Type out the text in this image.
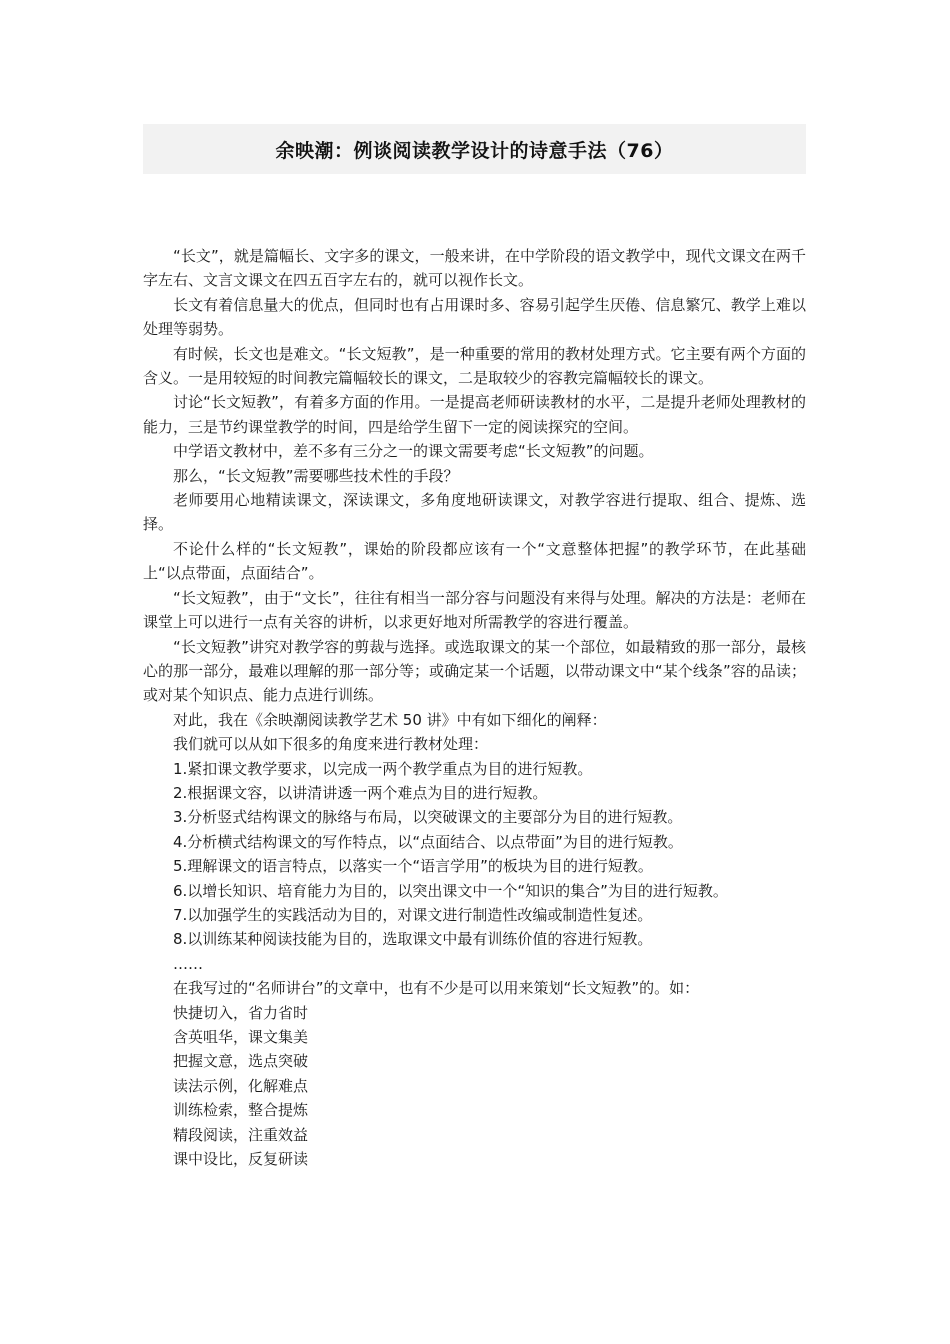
余映潮：例谈阅读教学设计的诗意手法（76）

“长文”，就是篇幅长、文字多的课文，一般来讲，在中学阶段的语文教学中，现代文课文在两千字左右、文言文课文在四五百字左右的，就可以视作长文。

长文有着信息量大的优点，但同时也有占用课时多、容易引起学生厌倦、信息繁冗、教学上难以处理等弱势。

有时候，长文也是难文。“长文短教”，是一种重要的常用的教材处理方式。它主要有两个方面的含义。一是用较短的时间教完篇幅较长的课文，二是取较少的容教完篇幅较长的课文。

讨论“长文短教”，有着多方面的作用。一是提高老师研读教材的水平，二是提升老师处理教材的能力，三是节约课堂教学的时间，四是给学生留下一定的阅读探究的空间。

中学语文教材中，差不多有三分之一的课文需要考虑“长文短教”的问题。

那么，“长文短教”需要哪些技术性的手段？

老师要用心地精读课文，深读课文，多角度地研读课文，对教学容进行提取、组合、提炼、选择。

不论什么样的“长文短教”，课始的阶段都应该有一个“文意整体把握”的教学环节，在此基础上“以点带面，点面结合”。

“长文短教”，由于“文长”，往往有相当一部分容与问题没有来得与处理。解决的方法是：老师在课堂上可以进行一点有关容的讲析，以求更好地对所需教学的容进行覆盖。

“长文短教”讲究对教学容的剪裁与选择。或选取课文的某一个部位，如最精致的那一部分，最核心的那一部分，最难以理解的那一部分等；或确定某一个话题，以带动课文中“某个线条”容的品读；或对某个知识点、能力点进行训练。

对此，我在《余映潮阅读教学艺术 50 讲》中有如下细化的阐释：

我们就可以从如下很多的角度来进行教材处理：

1.紧扣课文教学要求，以完成一两个教学重点为目的进行短教。

2.根据课文容，以讲清讲透一两个难点为目的进行短教。

3.分析竖式结构课文的脉络与布局，以突破课文的主要部分为目的进行短教。

4.分析横式结构课文的写作特点，以“点面结合、以点带面”为目的进行短教。

5.理解课文的语言特点，以落实一个“语言学用”的板块为目的进行短教。

6.以增长知识、培育能力为目的，以突出课文中一个“知识的集合”为目的进行短教。

7.以加强学生的实践活动为目的，对课文进行制造性改编或制造性复述。

8.以训练某种阅读技能为目的，选取课文中最有训练价值的容进行短教。

……

在我写过的“名师讲台”的文章中，也有不少是可以用来策划“长文短教”的。如：

快捷切入，省力省时

含英咀华，课文集美

把握文意，选点突破

读法示例，化解难点

训练检索，整合提炼

精段阅读，注重效益

课中设比，反复研读
